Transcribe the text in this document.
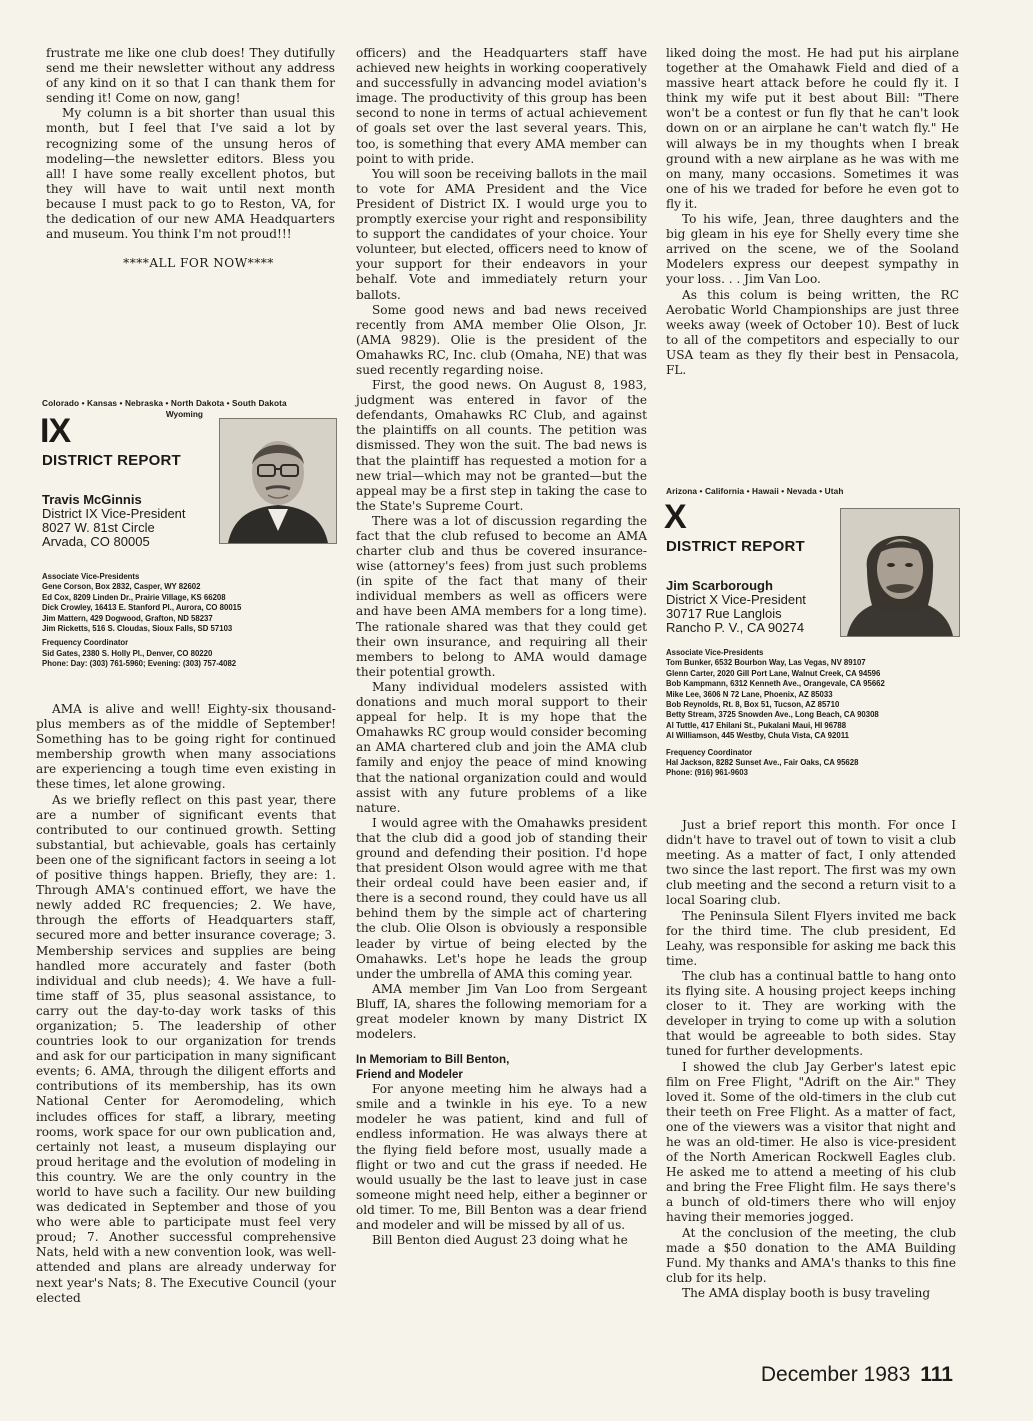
frustrate me like one club does! They dutifully send me their newsletter without any address of any kind on it so that I can thank them for sending it! Come on now, gang!

My column is a bit shorter than usual this month, but I feel that I've said a lot by recognizing some of the unsung heros of modeling—the newsletter editors. Bless you all! I have some really excellent photos, but they will have to wait until next month because I must pack to go to Reston, VA, for the dedication of our new AMA Headquarters and museum. You think I'm not proud!!!

****ALL FOR NOW****

Colorado • Kansas • Nebraska • North Dakota • South Dakota
Wyoming
IX
DISTRICT REPORT
Travis McGinnis
District IX Vice-President
8027 W. 81st Circle
Arvada, CO 80005
Associate Vice-Presidents
Gene Corson, Box 2832, Casper, WY 82602
Ed Cox, 8209 Linden Dr., Prairie Village, KS 66208
Dick Crowley, 16413 E. Stanford Pl., Aurora, CO 80015
Jim Mattern, 429 Dogwood, Grafton, ND 58237
Jim Ricketts, 516 S. Cloudas, Sioux Falls, SD 57103
Frequency Coordinator
Sid Gates, 2380 S. Holly Pl., Denver, CO 80220
Phone: Day: (303) 761-5960; Evening: (303) 757-4082

AMA is alive and well! Eighty-six thousand-plus members as of the middle of September! Something has to be going right for continued membership growth when many associations are experiencing a tough time even existing in these times, let alone growing.

As we briefly reflect on this past year, there are a number of significant events that contributed to our continued growth. Setting substantial, but achievable, goals has certainly been one of the significant factors in seeing a lot of positive things happen. Briefly, they are: 1. Through AMA's continued effort, we have the newly added RC frequencies; 2. We have, through the efforts of Headquarters staff, secured more and better insurance coverage; 3. Membership services and supplies are being handled more accurately and faster (both individual and club needs); 4. We have a full-time staff of 35, plus seasonal assistance, to carry out the day-to-day work tasks of this organization; 5. The leadership of other countries look to our organization for trends and ask for our participation in many significant events; 6. AMA, through the diligent efforts and contributions of its membership, has its own National Center for Aeromodeling, which includes offices for staff, a library, meeting rooms, work space for our own publication and, certainly not least, a museum displaying our proud heritage and the evolution of modeling in this country. We are the only country in the world to have such a facility. Our new building was dedicated in September and those of you who were able to participate must feel very proud; 7. Another successful comprehensive Nats, held with a new convention look, was well-attended and plans are already underway for next year's Nats; 8. The Executive Council (your elected

officers) and the Headquarters staff have achieved new heights in working cooperatively and successfully in advancing model aviation's image. The productivity of this group has been second to none in terms of actual achievement of goals set over the last several years. This, too, is something that every AMA member can point to with pride.

You will soon be receiving ballots in the mail to vote for AMA President and the Vice President of District IX. I would urge you to promptly exercise your right and responsibility to support the candidates of your choice. Your volunteer, but elected, officers need to know of your support for their endeavors in your behalf. Vote and immediately return your ballots.

Some good news and bad news received recently from AMA member Olie Olson, Jr. (AMA 9829). Olie is the president of the Omahawks RC, Inc. club (Omaha, NE) that was sued recently regarding noise.

First, the good news. On August 8, 1983, judgment was entered in favor of the defendants, Omahawks RC Club, and against the plaintiffs on all counts. The petition was dismissed. They won the suit. The bad news is that the plaintiff has requested a motion for a new trial—which may not be granted—but the appeal may be a first step in taking the case to the State's Supreme Court.

There was a lot of discussion regarding the fact that the club refused to become an AMA charter club and thus be covered insurance-wise (attorney's fees) from just such problems (in spite of the fact that many of their individual members as well as officers were and have been AMA members for a long time). The rationale shared was that they could get their own insurance, and requiring all their members to belong to AMA would damage their potential growth.

Many individual modelers assisted with donations and much moral support to their appeal for help. It is my hope that the Omahawks RC group would consider becoming an AMA chartered club and join the AMA club family and enjoy the peace of mind knowing that the national organization could and would assist with any future problems of a like nature.

I would agree with the Omahawks president that the club did a good job of standing their ground and defending their position. I'd hope that president Olson would agree with me that their ordeal could have been easier and, if there is a second round, they could have us all behind them by the simple act of chartering the club. Olie Olson is obviously a responsible leader by virtue of being elected by the Omahawks. Let's hope he leads the group under the umbrella of AMA this coming year.

AMA member Jim Van Loo from Sergeant Bluff, IA, shares the following memoriam for a great modeler known by many District IX modelers.

In Memoriam to Bill Benton,
Friend and Modeler

For anyone meeting him he always had a smile and a twinkle in his eye. To a new modeler he was patient, kind and full of endless information. He was always there at the flying field before most, usually made a flight or two and cut the grass if needed. He would usually be the last to leave just in case someone might need help, either a beginner or old timer. To me, Bill Benton was a dear friend and modeler and will be missed by all of us.

Bill Benton died August 23 doing what he

liked doing the most. He had put his airplane together at the Omahawk Field and died of a massive heart attack before he could fly it. I think my wife put it best about Bill: "There won't be a contest or fun fly that he can't look down on or an airplane he can't watch fly." He will always be in my thoughts when I break ground with a new airplane as he was with me on many, many occasions. Sometimes it was one of his we traded for before he even got to fly it.

To his wife, Jean, three daughters and the big gleam in his eye for Shelly every time she arrived on the scene, we of the Sooland Modelers express our deepest sympathy in your loss. . . Jim Van Loo.

As this colum is being written, the RC Aerobatic World Championships are just three weeks away (week of October 10). Best of luck to all of the competitors and especially to our USA team as they fly their best in Pensacola, FL.

Arizona • California • Hawaii • Nevada • Utah
X
DISTRICT REPORT
Jim Scarborough
District X Vice-President
30717 Rue Langlois
Rancho P. V., CA 90274
Associate Vice-Presidents
Tom Bunker, 6532 Bourbon Way, Las Vegas, NV 89107
Glenn Carter, 2020 Gill Port Lane, Walnut Creek, CA 94596
Bob Kampmann, 6312 Kenneth Ave., Orangevale, CA 95662
Mike Lee, 3606 N 72 Lane, Phoenix, AZ 85033
Bob Reynolds, Rt. 8, Box 51, Tucson, AZ 85710
Betty Stream, 3725 Snowden Ave., Long Beach, CA 90308
Al Tuttle, 417 Ehilani St., Pukalani Maui, HI 96788
Al Williamson, 445 Westby, Chula Vista, CA 92011
Frequency Coordinator
Hal Jackson, 8282 Sunset Ave., Fair Oaks, CA 95628
Phone: (916) 961-9603

Just a brief report this month. For once I didn't have to travel out of town to visit a club meeting. As a matter of fact, I only attended two since the last report. The first was my own club meeting and the second a return visit to a local Soaring club.

The Peninsula Silent Flyers invited me back for the third time. The club president, Ed Leahy, was responsible for asking me back this time.

The club has a continual battle to hang onto its flying site. A housing project keeps inching closer to it. They are working with the developer in trying to come up with a solution that would be agreeable to both sides. Stay tuned for further developments.

I showed the club Jay Gerber's latest epic film on Free Flight, "Adrift on the Air." They loved it. Some of the old-timers in the club cut their teeth on Free Flight. As a matter of fact, one of the viewers was a visitor that night and he was an old-timer. He also is vice-president of the North American Rockwell Eagles club. He asked me to attend a meeting of his club and bring the Free Flight film. He says there's a bunch of old-timers there who will enjoy having their memories jogged.

At the conclusion of the meeting, the club made a $50 donation to the AMA Building Fund. My thanks and AMA's thanks to this fine club for its help.

The AMA display booth is busy traveling

December 1983 111
